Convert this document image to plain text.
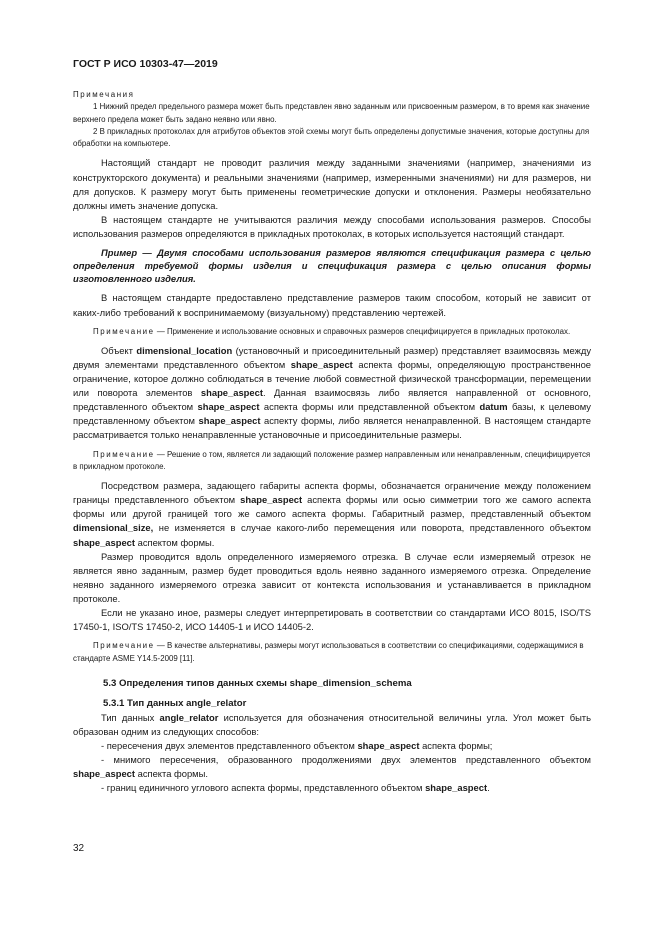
ГОСТ Р ИСО 10303-47—2019

Примечания

1 Нижний предел предельного размера может быть представлен явно заданным или присвоенным размером, в то время как значение верхнего предела может быть задано неявно или явно.

2 В прикладных протоколах для атрибутов объектов этой схемы могут быть определены допустимые значения, которые доступны для обработки на компьютере.

Настоящий стандарт не проводит различия между заданными значениями (например, значениями из конструкторского документа) и реальными значениями (например, измеренными значениями) ни для размеров, ни для допусков. К размеру могут быть применены геометрические допуски и отклонения. Размеры необязательно должны иметь значение допуска.

В настоящем стандарте не учитываются различия между способами использования размеров. Способы использования размеров определяются в прикладных протоколах, в которых используется настоящий стандарт.

Пример — Двумя способами использования размеров являются спецификация размера с целью определения требуемой формы изделия и спецификация размера с целью описания формы изготовленного изделия.

В настоящем стандарте предоставлено представление размеров таким способом, который не зависит от каких-либо требований к воспринимаемому (визуальному) представлению чертежей.

Примечание — Применение и использование основных и справочных размеров специфицируется в прикладных протоколах.

Объект dimensional_location (установочный и присоединительный размер) представляет взаимосвязь между двумя элементами представленного объектом shape_aspect аспекта формы, определяющую пространственное ограничение, которое должно соблюдаться в течение любой совместной физической трансформации, перемещении или поворота элементов shape_aspect. Данная взаимосвязь либо является направленной от основного, представленного объектом shape_aspect аспекта формы или представленной объектом datum базы, к целевому представленному объектом shape_aspect аспекту формы, либо является ненаправленной. В настоящем стандарте рассматривается только ненаправленные установочные и присоединительные размеры.

Примечание — Решение о том, является ли задающий положение размер направленным или ненаправленным, специфицируется в прикладном протоколе.

Посредством размера, задающего габариты аспекта формы, обозначается ограничение между положением границы представленного объектом shape_aspect аспекта формы или осью симметрии того же самого аспекта формы или другой границей того же самого аспекта формы. Габаритный размер, представленный объектом dimensional_size, не изменяется в случае какого-либо перемещения или поворота, представленного объектом shape_aspect аспектом формы.

Размер проводится вдоль определенного измеряемого отрезка. В случае если измеряемый отрезок не является явно заданным, размер будет проводиться вдоль неявно заданного измеряемого отрезка. Определение неявно заданного измеряемого отрезка зависит от контекста использования и устанавливается в прикладном протоколе.

Если не указано иное, размеры следует интерпретировать в соответствии со стандартами ИСО 8015, ISO/TS 17450-1, ISO/TS 17450-2, ИСО 14405-1 и ИСО 14405-2.

Примечание — В качестве альтернативы, размеры могут использоваться в соответствии со спецификациями, содержащимися в стандарте ASME Y14.5-2009 [11].

5.3 Определения типов данных схемы shape_dimension_schema
5.3.1 Тип данных angle_relator

Тип данных angle_relator используется для обозначения относительной величины угла. Угол может быть образован одним из следующих способов:

- пересечения двух элементов представленного объектом shape_aspect аспекта формы;

- мнимого пересечения, образованного продолжениями двух элементов представленного объектом shape_aspect аспекта формы.

- границ единичного углового аспекта формы, представленного объектом shape_aspect.

32
